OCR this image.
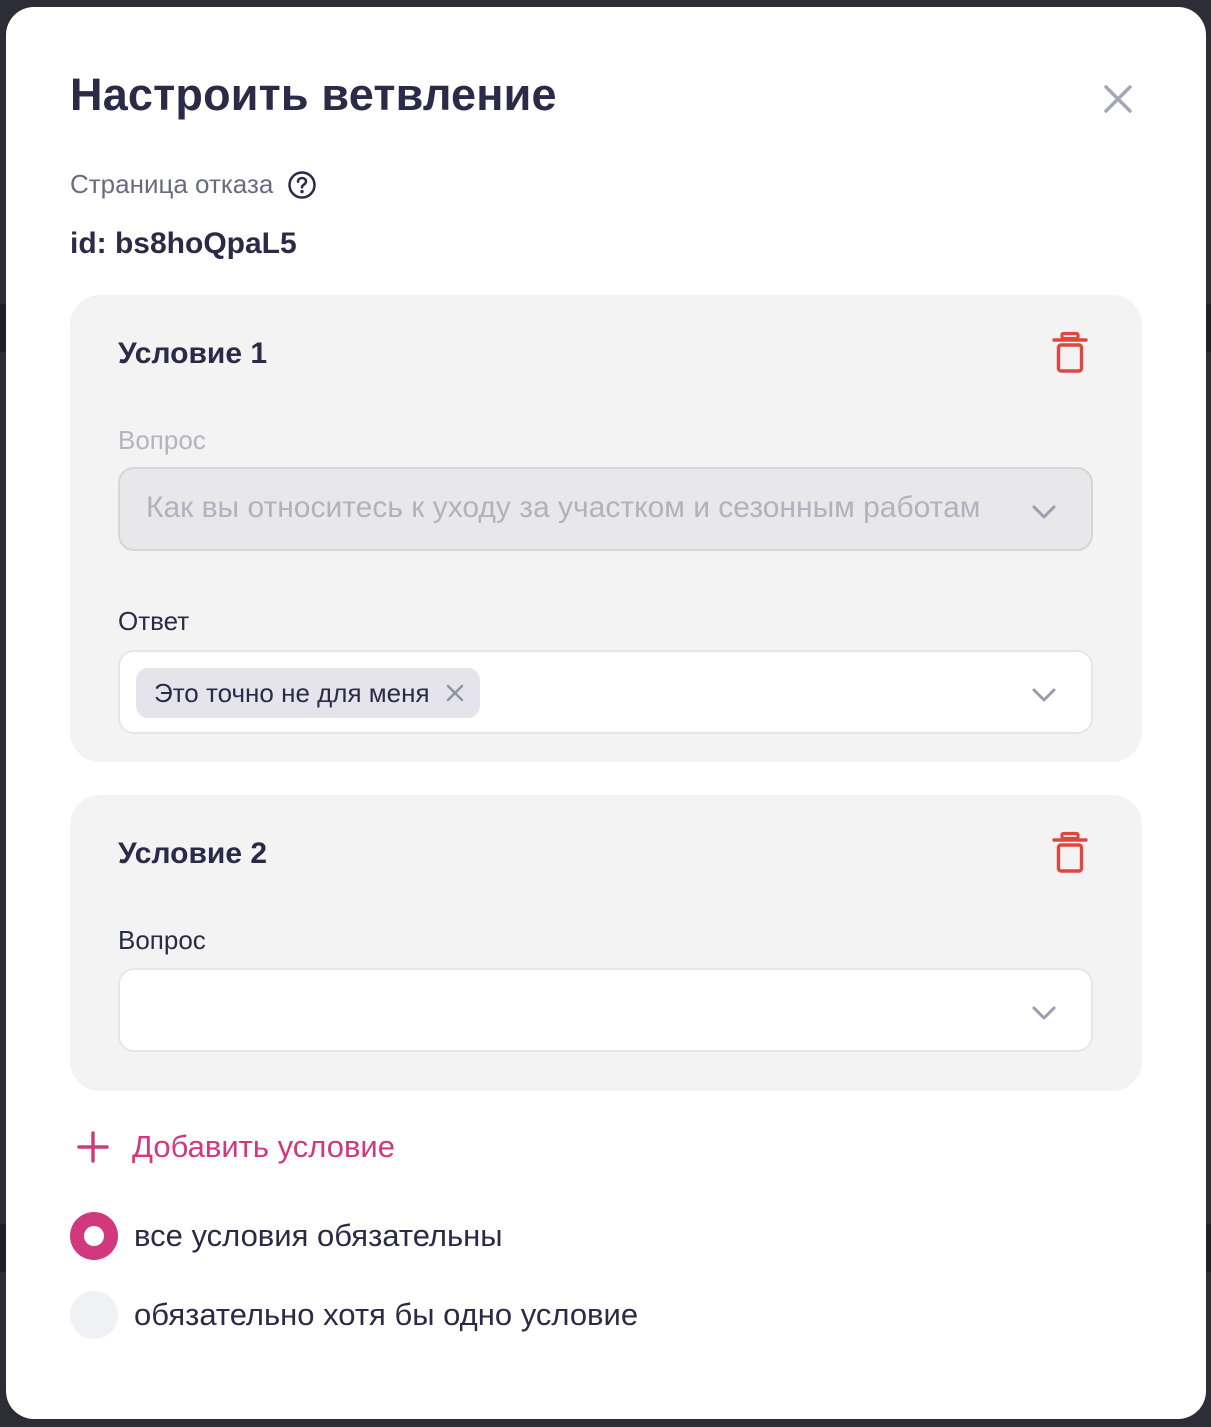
Настроить ветвление
Страница отказа
id: bs8hoQpaL5
Условие 1
Вопрос
Как вы относитесь к уходу за участком и сезонным работам
Ответ
Это точно не для меня
Условие 2
Вопрос
Добавить условие
все условия обязательны
обязательно хотя бы одно условие
